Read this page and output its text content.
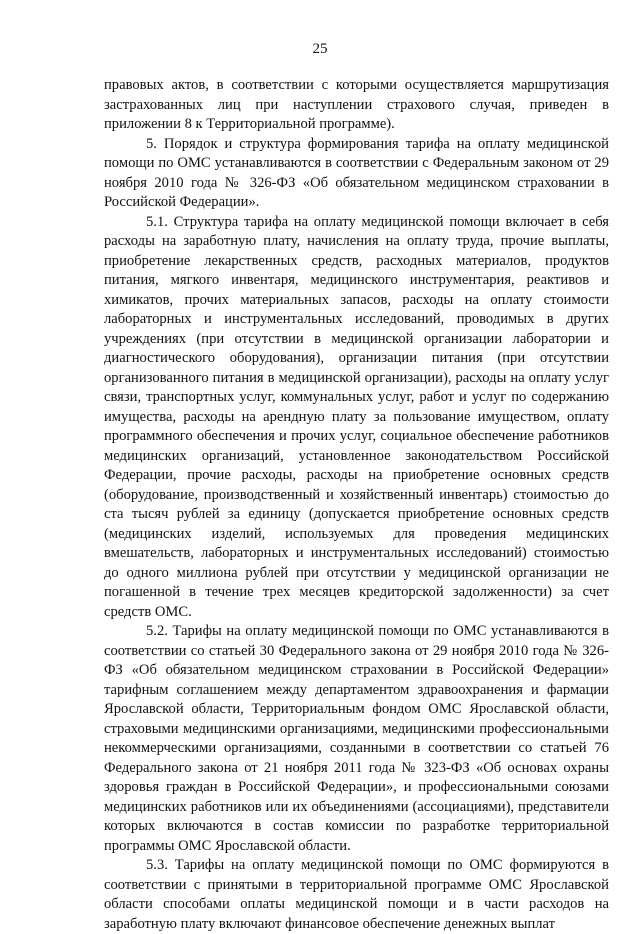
25

правовых актов, в соответствии с которыми осуществляется маршрутизация застрахованных лиц при наступлении страхового случая, приведен в приложении 8 к Территориальной программе).

5. Порядок и структура формирования тарифа на оплату медицинской помощи по ОМС устанавливаются в соответствии с Федеральным законом от 29 ноября 2010 года № 326-ФЗ «Об обязательном медицинском страховании в Российской Федерации».

5.1. Структура тарифа на оплату медицинской помощи включает в себя расходы на заработную плату, начисления на оплату труда, прочие выплаты, приобретение лекарственных средств, расходных материалов, продуктов питания, мягкого инвентаря, медицинского инструментария, реактивов и химикатов, прочих материальных запасов, расходы на оплату стоимости лабораторных и инструментальных исследований, проводимых в других учреждениях (при отсутствии в медицинской организации лаборатории и диагностического оборудования), организации питания (при отсутствии организованного питания в медицинской организации), расходы на оплату услуг связи, транспортных услуг, коммунальных услуг, работ и услуг по содержанию имущества, расходы на арендную плату за пользование имуществом, оплату программного обеспечения и прочих услуг, социальное обеспечение работников медицинских организаций, установленное законодательством Российской Федерации, прочие расходы, расходы на приобретение основных средств (оборудование, производственный и хозяйственный инвентарь) стоимостью до ста тысяч рублей за единицу (допускается приобретение основных средств (медицинских изделий, используемых для проведения медицинских вмешательств, лабораторных и инструментальных исследований) стоимостью до одного миллиона рублей при отсутствии у медицинской организации не погашенной в течение трех месяцев кредиторской задолженности) за счет средств ОМС.

5.2. Тарифы на оплату медицинской помощи по ОМС устанавливаются в соответствии со статьей 30 Федерального закона от 29 ноября 2010 года № 326-ФЗ «Об обязательном медицинском страховании в Российской Федерации» тарифным соглашением между департаментом здравоохранения и фармации Ярославской области, Территориальным фондом ОМС Ярославской области, страховыми медицинскими организациями, медицинскими профессиональными некоммерческими организациями, созданными в соответствии со статьей 76 Федерального закона от 21 ноября 2011 года № 323-ФЗ «Об основах охраны здоровья граждан в Российской Федерации», и профессиональными союзами медицинских работников или их объединениями (ассоциациями), представители которых включаются в состав комиссии по разработке территориальной программы ОМС Ярославской области.

5.3. Тарифы на оплату медицинской помощи по ОМС формируются в соответствии с принятыми в территориальной программе ОМС Ярославской области способами оплаты медицинской помощи и в части расходов на заработную плату включают финансовое обеспечение денежных выплат
